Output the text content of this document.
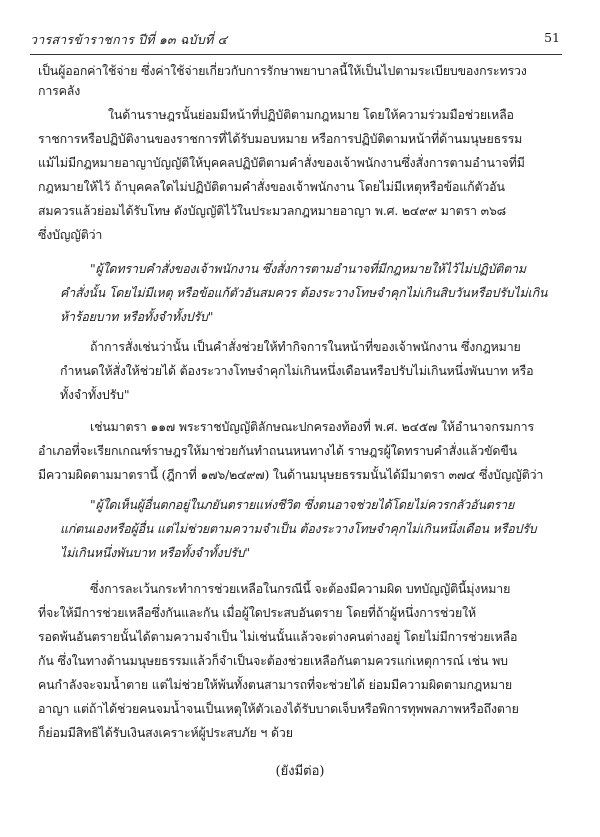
วารสารข้าราชการ ปีที่ ๑๓ ฉบับที่ ๔	51
เป็นผู้ออกค่าใช้จ่าย ซึ่งค่าใช้จ่ายเกี่ยวกับการรักษาพยาบาลนี้ให้เป็นไปตามระเบียบของกระทรวง
การคลัง
ในด้านราษฎรนั้นย่อมมีหน้าที่ปฏิบัติตามกฎหมาย โดยให้ความร่วมมือช่วยเหลือ
ราชการหรือปฏิบัติงานของราชการที่ได้รับมอบหมาย หรือการปฏิบัติตามหน้าที่ด้านมนุษยธรรม
แม้ไม่มีกฎหมายอาญาบัญญัติให้บุคคลปฏิบัติตามคำสั่งของเจ้าพนักงานซึ่งสั่งการตามอำนาจที่มี
กฎหมายให้ไว้ ถ้าบุคคลใดไม่ปฏิบัติตามคำสั่งของเจ้าพนักงาน โดยไม่มีเหตุหรือข้อแก้ตัวอัน
สมควรแล้วย่อมได้รับโทษ ดังบัญญัติไว้ในประมวลกฎหมายอาญา พ.ศ. ๒๔๙๙ มาตรา ๓๖๘
ซึ่งบัญญัติว่า
"ผู้ใดทราบคำสั่งของเจ้าพนักงาน ซึ่งสั่งการตามอำนาจที่มีกฎหมายให้ไว้ไม่ปฏิบัติตาม
คำสั่งนั้น โดยไม่มีเหตุ หรือข้อแก้ตัวอันสมควร ต้องระวางโทษจำคุกไม่เกินสิบวันหรือปรับไม่เกิน
ห้าร้อยบาท หรือทั้งจำทั้งปรับ"
ถ้าการสั่งเช่นว่านั้น เป็นคำสั่งช่วยให้ทำกิจการในหน้าที่ของเจ้าพนักงาน ซึ่งกฎหมาย
กำหนดให้สั่งให้ช่วยได้ ต้องระวางโทษจำคุกไม่เกินหนึ่งเดือนหรือปรับไม่เกินหนึ่งพันบาท หรือ
ทั้งจำทั้งปรับ"
เช่นมาตรา ๑๑๗ พระราชบัญญัติลักษณะปกครองท้องที่ พ.ศ. ๒๔๕๗ ให้อำนาจกรมการ
อำเภอที่จะเรียกเกณฑ์ราษฎรให้มาช่วยกันทำถนนหนทางได้ ราษฎรผู้ใดทราบคำสั่งแล้วขัดขืน
มีความผิดตามมาตรานี้ (ฎีกาที่ ๑๗๖/๒๔๙๗) ในด้านมนุษยธรรมนั้นได้มีมาตรา ๓๗๔ ซึ่งบัญญัติว่า
"ผู้ใดเห็นผู้อื่นตกอยู่ในภยันตรายแห่งชีวิต ซึ่งตนอาจช่วยได้โดยไม่ควรกลัวอันตราย
แก่ตนเองหรือผู้อื่น แต่ไม่ช่วยตามความจำเป็น ต้องระวางโทษจำคุกไม่เกินหนึ่งเดือน หรือปรับ
ไม่เกินหนึ่งพันบาท หรือทั้งจำทั้งปรับ"
ซึ่งการละเว้นกระทำการช่วยเหลือในกรณีนี้ จะต้องมีความผิด บทบัญญัตินี้มุ่งหมาย
ที่จะให้มีการช่วยเหลือซึ่งกันและกัน เมื่อผู้ใดประสบอันตราย โดยที่ถ้าผู้หนึ่งการช่วยให้
รอดพ้นอันตรายนั้นได้ตามความจำเป็น ไม่เช่นนั้นแล้วจะต่างคนต่างอยู่ โดยไม่มีการช่วยเหลือ
กัน ซึ่งในทางด้านมนุษยธรรมแล้วก็จำเป็นจะต้องช่วยเหลือกันตามควรแก่เหตุการณ์ เช่น พบ
คนกำลังจะจมน้ำตาย แต่ไม่ช่วยให้พ้นทั้งตนสามารถที่จะช่วยได้ ย่อมมีความผิดตามกฎหมาย
อาญา แต่ถ้าได้ช่วยคนจมน้ำจนเป็นเหตุให้ตัวเองได้รับบาดเจ็บหรือพิการทุพพลภาพหรือถึงตาย
ก็ย่อมมีสิทธิได้รับเงินสงเคราะห์ผู้ประสบภัย ฯ ด้วย
(ยังมีต่อ)
